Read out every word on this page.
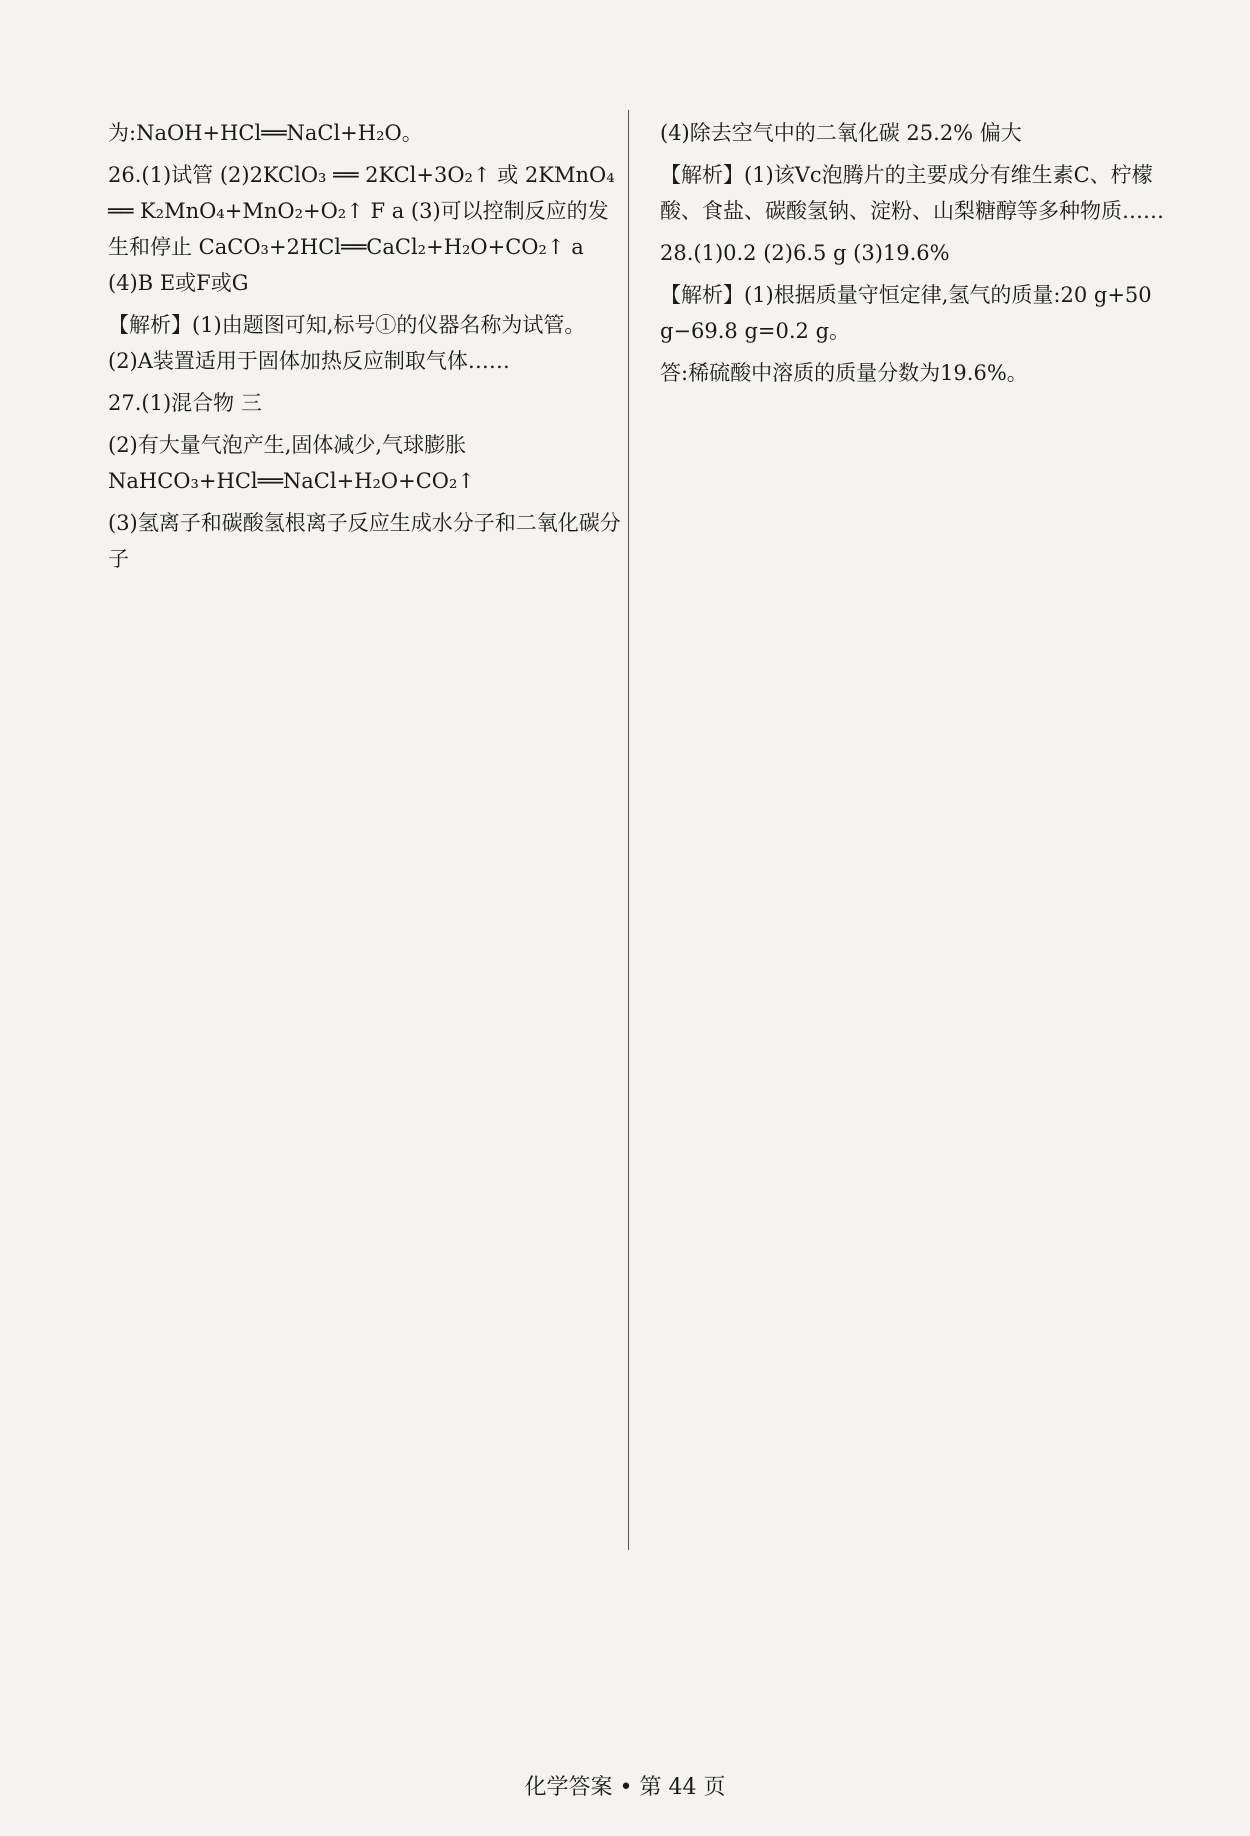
为:NaOH+HCl══NaCl+H₂O。

26.(1)试管 (2)2KClO₃ ══ 2KCl+3O₂↑ 或 2KMnO₄ ══ K₂MnO₄+MnO₂+O₂↑ F a (3)可以控制反应的发生和停止 CaCO₃+2HCl══CaCl₂+H₂O+CO₂↑ a (4)B E或F或G

【解析】(1)由题图可知,标号①的仪器名称为试管。(2)A装置适用于固体加热反应制取气体……

27.(1)混合物 三

(2)有大量气泡产生,固体减少,气球膨胀 NaHCO₃+HCl══NaCl+H₂O+CO₂↑

(3)氢离子和碳酸氢根离子反应生成水分子和二氧化碳分子

(4)除去空气中的二氧化碳 25.2% 偏大

【解析】(1)该Vc泡腾片的主要成分有维生素C、柠檬酸、食盐、碳酸氢钠、淀粉、山梨糖醇等多种物质……

28.(1)0.2 (2)6.5 g (3)19.6%

【解析】(1)根据质量守恒定律,氢气的质量:20 g+50 g−69.8 g=0.2 g。

答:稀硫酸中溶质的质量分数为19.6%。

化学答案 • 第 44 页
